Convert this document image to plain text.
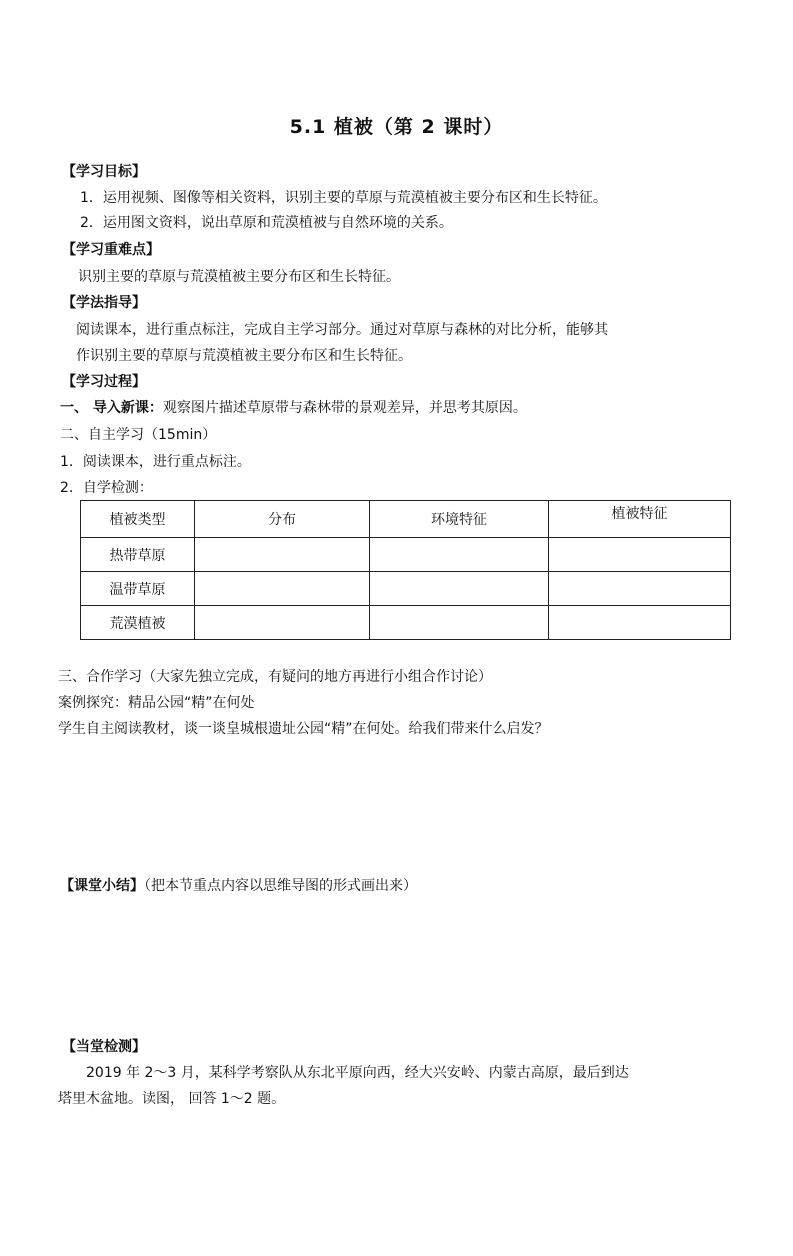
5.1 植被（第 2 课时）
【学习目标】
1．运用视频、图像等相关资料，识别主要的草原与荒漠植被主要分布区和生长特征。
2．运用图文资料，说出草原和荒漠植被与自然环境的关系。
【学习重难点】
识别主要的草原与荒漠植被主要分布区和生长特征。
【学法指导】
阅读课本，进行重点标注，完成自主学习部分。通过对草原与森林的对比分析，能够其
作识别主要的草原与荒漠植被主要分布区和生长特征。
【学习过程】
一、 导入新课：观察图片描述草原带与森林带的景观差异，并思考其原因。
二、自主学习（15min）
1．阅读课本，进行重点标注。
2．自学检测：
植被类型	分布	环境特征	植被特征
热带草原			
温带草原			
荒漠植被			
三、合作学习（大家先独立完成，有疑问的地方再进行小组合作讨论）
案例探究：精品公园“精”在何处
学生自主阅读教材，谈一谈皇城根遗址公园“精”在何处。给我们带来什么启发？
【课堂小结】（把本节重点内容以思维导图的形式画出来）
【当堂检测】
2019 年 2～3 月，某科学考察队从东北平原向西，经大兴安岭、内蒙古高原，最后到达
塔里木盆地。读图， 回答 1～2 题。
